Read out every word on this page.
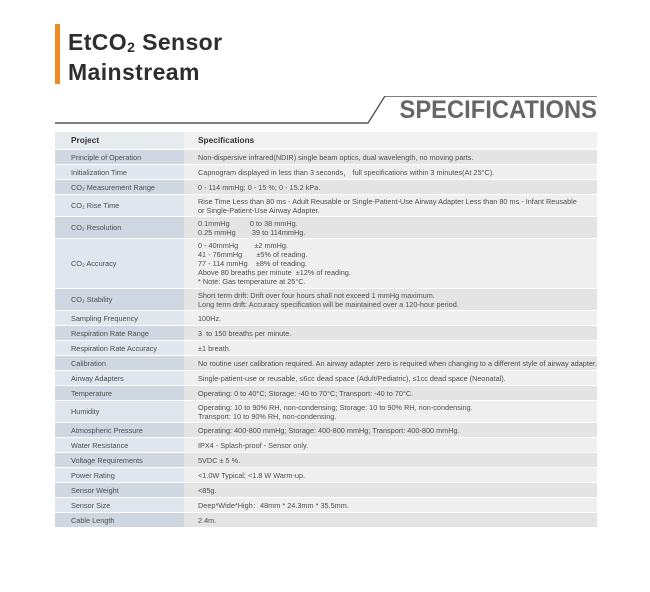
EtCO2 Sensor
Mainstream
SPECIFICATIONS
Project	Specifications
Principle of Operation	Non-dispersive infrared(NDIR) single beam optics, dual wavelength, no moving parts.

Initialization Time	Capnogram displayed in less than 3 seconds， full specifications within 3 minutes(At 25°C).

CO₂ Measurement Range	0 - 114 mmHg; 0 - 15 %; 0 - 15.2 kPa.

CO₂ Rise Time	Rise Time Less than 80 ms - Adult Reusable or Single-Patient-Use Airway Adapter Less than 80 ms - Infant Reusable
or Single-Patient-Use Airway Adapter.

CO₂ Resolution	0.1mmHg          0 to 38 mmHg.
0.25 mmHg        39 to 114mmHg.

CO₂ Accuracy	0 - 40mmHg        ±2 mmHg.
41 - 76mmHg       ±5% of reading.
77 - 114 mmHg    ±8% of reading.
Above 80 breaths per minute  ±12% of reading.
* Note: Gas temperature at 25°C.

CO₂ Stability	Short term drift: Drift over four hours shall not exceed 1 mmHg maximum.
Long term drift: Accuracy specification will be maintained over a 120-hour period.

Sampling Frequency	100Hz.

Respiration Rate Range	3  to 150 breaths per minute.

Respiration Rate Accuracy	±1 breath.

Calibration	No routine user calibration required. An airway adapter zero is required when changing to a different style of airway adapter.

Airway Adapters	Single-patient-use or reusable, ≤6cc dead space (Adult/Pediatric), ≤1cc dead space (Neonatal).

Temperature	Operating: 0 to 40°C; Storage: -40 to 70°C; Transport: -40 to 70°C.

Humidity	Operating: 10 to 90% RH, non-condensing; Storage: 10 to 90% RH, non-condensing.
Transport: 10 to 90% RH, non-condensing.

Atmospheric Pressure	Operating: 400-800 mmHg; Storage: 400-800 mmHg; Transport: 400-800 mmHg.

Water Resistance	IPX4 - Splash-proof - Sensor only.

Voltage Requirements	5VDC ± 5 %.

Power Rating	<1.0W Typical; <1.8 W Warm-up.

Sensor Weight	<85g.

Sensor Size	Deep*Wide*High：48mm * 24.3mm * 35.5mm.

Cable Length	2.4m.
